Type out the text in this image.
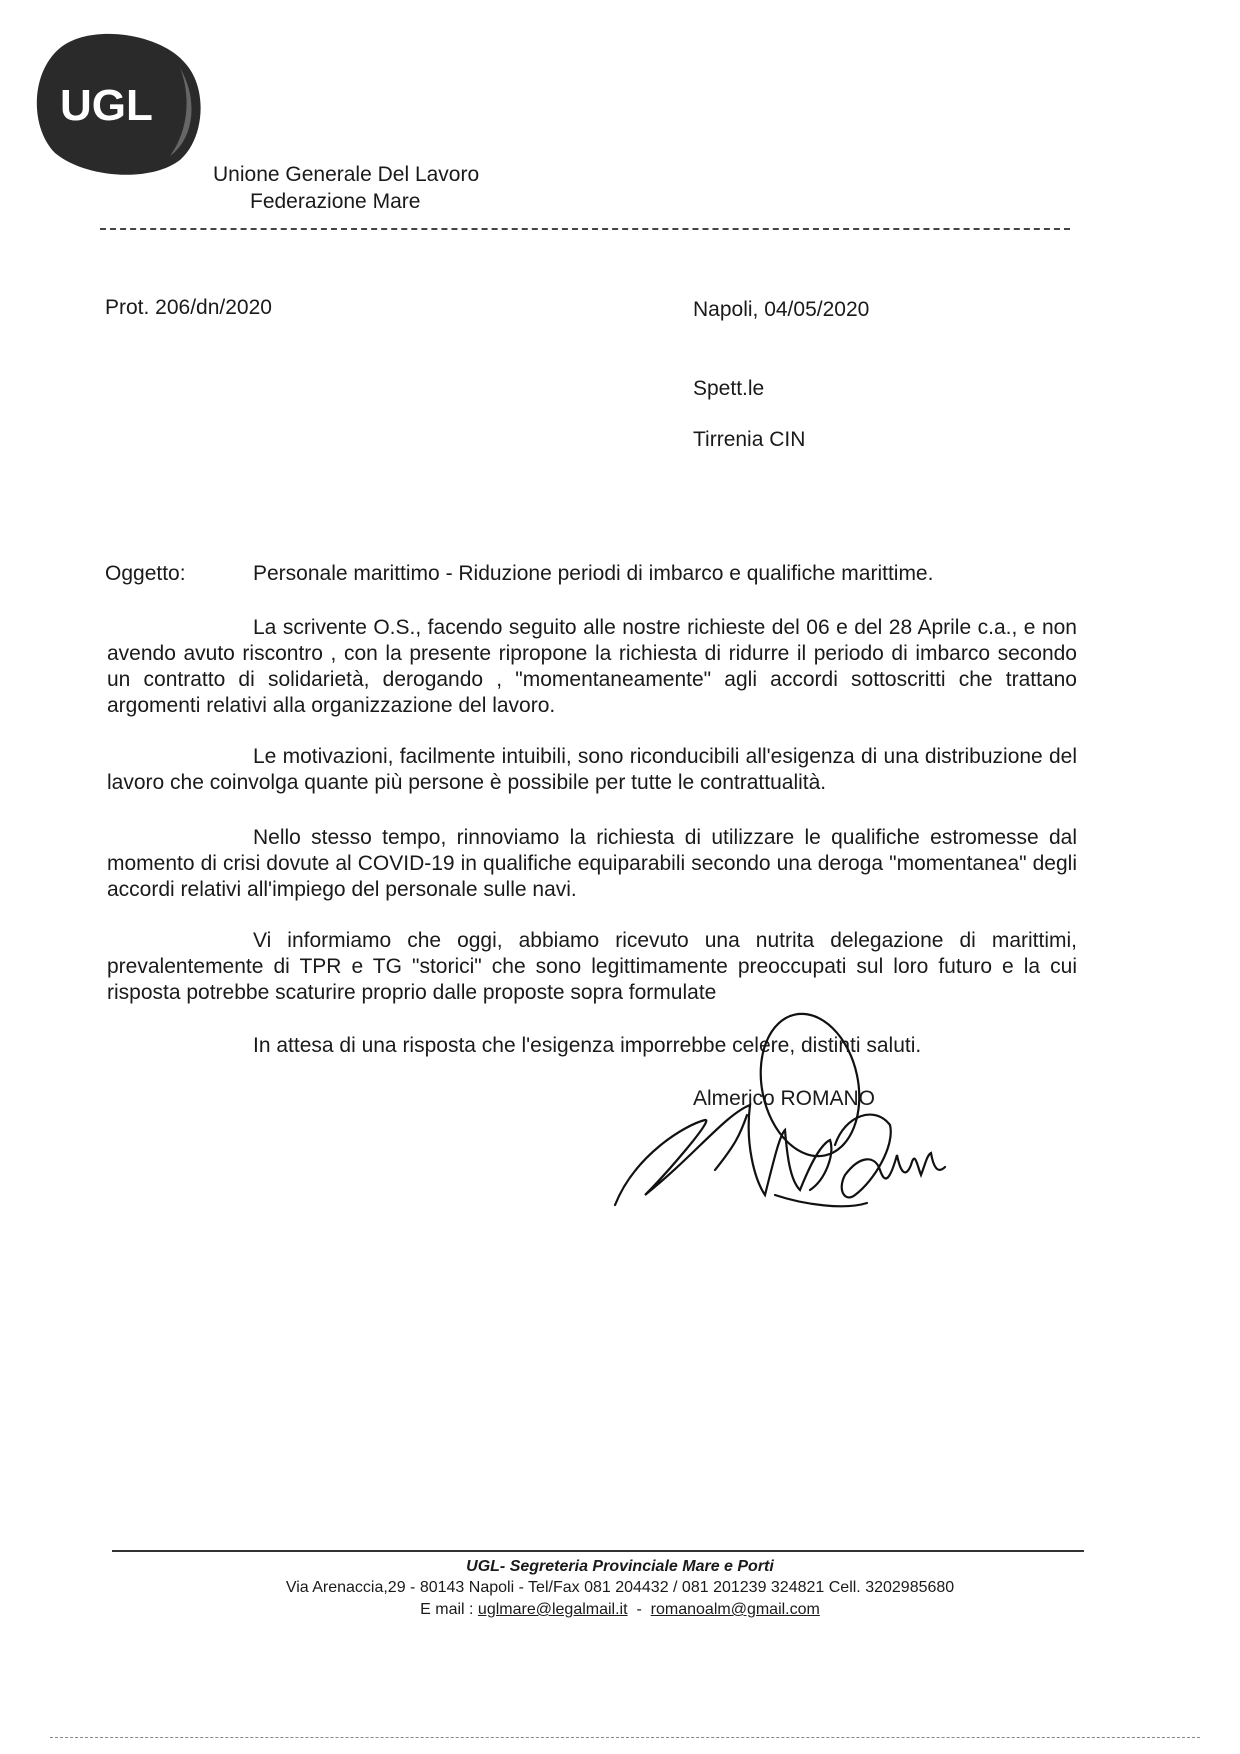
UGL
Unione Generale Del Lavoro
Federazione Mare
Prot. 206/dn/2020	Napoli, 04/05/2020
Spett.le
Tirrenia CIN
Oggetto:	Personale marittimo - Riduzione periodi di imbarco e qualifiche marittime.
La scrivente O.S., facendo seguito alle nostre richieste del 06 e del 28 Aprile c.a., e non avendo avuto riscontro , con la presente ripropone la richiesta di ridurre il periodo di imbarco secondo un contratto di solidarietà, derogando , "momentaneamente" agli accordi sottoscritti che trattano argomenti relativi alla organizzazione del lavoro.
Le motivazioni, facilmente intuibili, sono riconducibili all'esigenza di una distribuzione del lavoro che coinvolga quante più persone è possibile per tutte le contrattualità.
Nello stesso tempo, rinnoviamo la richiesta di utilizzare le qualifiche estromesse dal momento di crisi dovute al COVID-19 in qualifiche equiparabili secondo una deroga "momentanea" degli accordi relativi all'impiego del personale sulle navi.
Vi informiamo che oggi, abbiamo ricevuto una nutrita delegazione di marittimi, prevalentemente di TPR e TG "storici" che sono legittimamente preoccupati sul loro futuro e la cui risposta potrebbe scaturire proprio dalle proposte sopra formulate
In attesa di una risposta che l'esigenza imporrebbe celere, distinti saluti.
Almerico ROMANO
UGL- Segreteria Provinciale Mare e Porti
Via Arenaccia,29 - 80143 Napoli - Tel/Fax 081 204432 / 081 201239 324821 Cell. 3202985680
E mail : uglmare@legalmail.it - romanoalm@gmail.com
